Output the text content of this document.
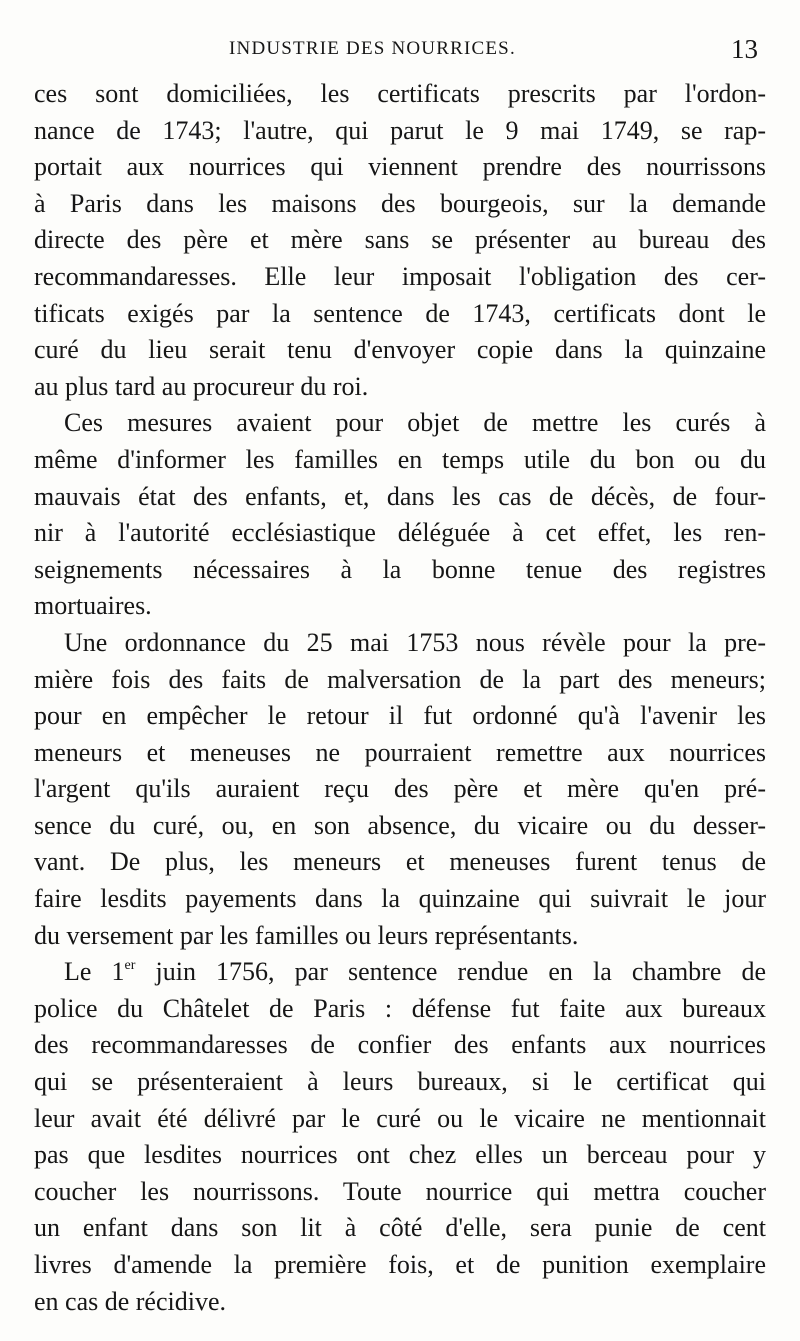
INDUSTRIE DES NOURRICES.	13
ces sont domiciliées, les certificats prescrits par l'ordon-
nance de 1743; l'autre, qui parut le 9 mai 1749, se rap-
portait aux nourrices qui viennent prendre des nourrissons
à Paris dans les maisons des bourgeois, sur la demande
directe des père et mère sans se présenter au bureau des
recommandaresses. Elle leur imposait l'obligation des cer-
tificats exigés par la sentence de 1743, certificats dont le
curé du lieu serait tenu d'envoyer copie dans la quinzaine
au plus tard au procureur du roi.
Ces mesures avaient pour objet de mettre les curés à
même d'informer les familles en temps utile du bon ou du
mauvais état des enfants, et, dans les cas de décès, de four-
nir à l'autorité ecclésiastique déléguée à cet effet, les ren-
seignements nécessaires à la bonne tenue des registres
mortuaires.
Une ordonnance du 25 mai 1753 nous révèle pour la pre-
mière fois des faits de malversation de la part des meneurs;
pour en empêcher le retour il fut ordonné qu'à l'avenir les
meneurs et meneuses ne pourraient remettre aux nourrices
l'argent qu'ils auraient reçu des père et mère qu'en pré-
sence du curé, ou, en son absence, du vicaire ou du desser-
vant. De plus, les meneurs et meneuses furent tenus de
faire lesdits payements dans la quinzaine qui suivrait le jour
du versement par les familles ou leurs représentants.
Le 1er juin 1756, par sentence rendue en la chambre de
police du Châtelet de Paris : défense fut faite aux bureaux
des recommandaresses de confier des enfants aux nourrices
qui se présenteraient à leurs bureaux, si le certificat qui
leur avait été délivré par le curé ou le vicaire ne mentionnait
pas que lesdites nourrices ont chez elles un berceau pour y
coucher les nourrissons. Toute nourrice qui mettra coucher
un enfant dans son lit à côté d'elle, sera punie de cent
livres d'amende la première fois, et de punition exemplaire
en cas de récidive.
